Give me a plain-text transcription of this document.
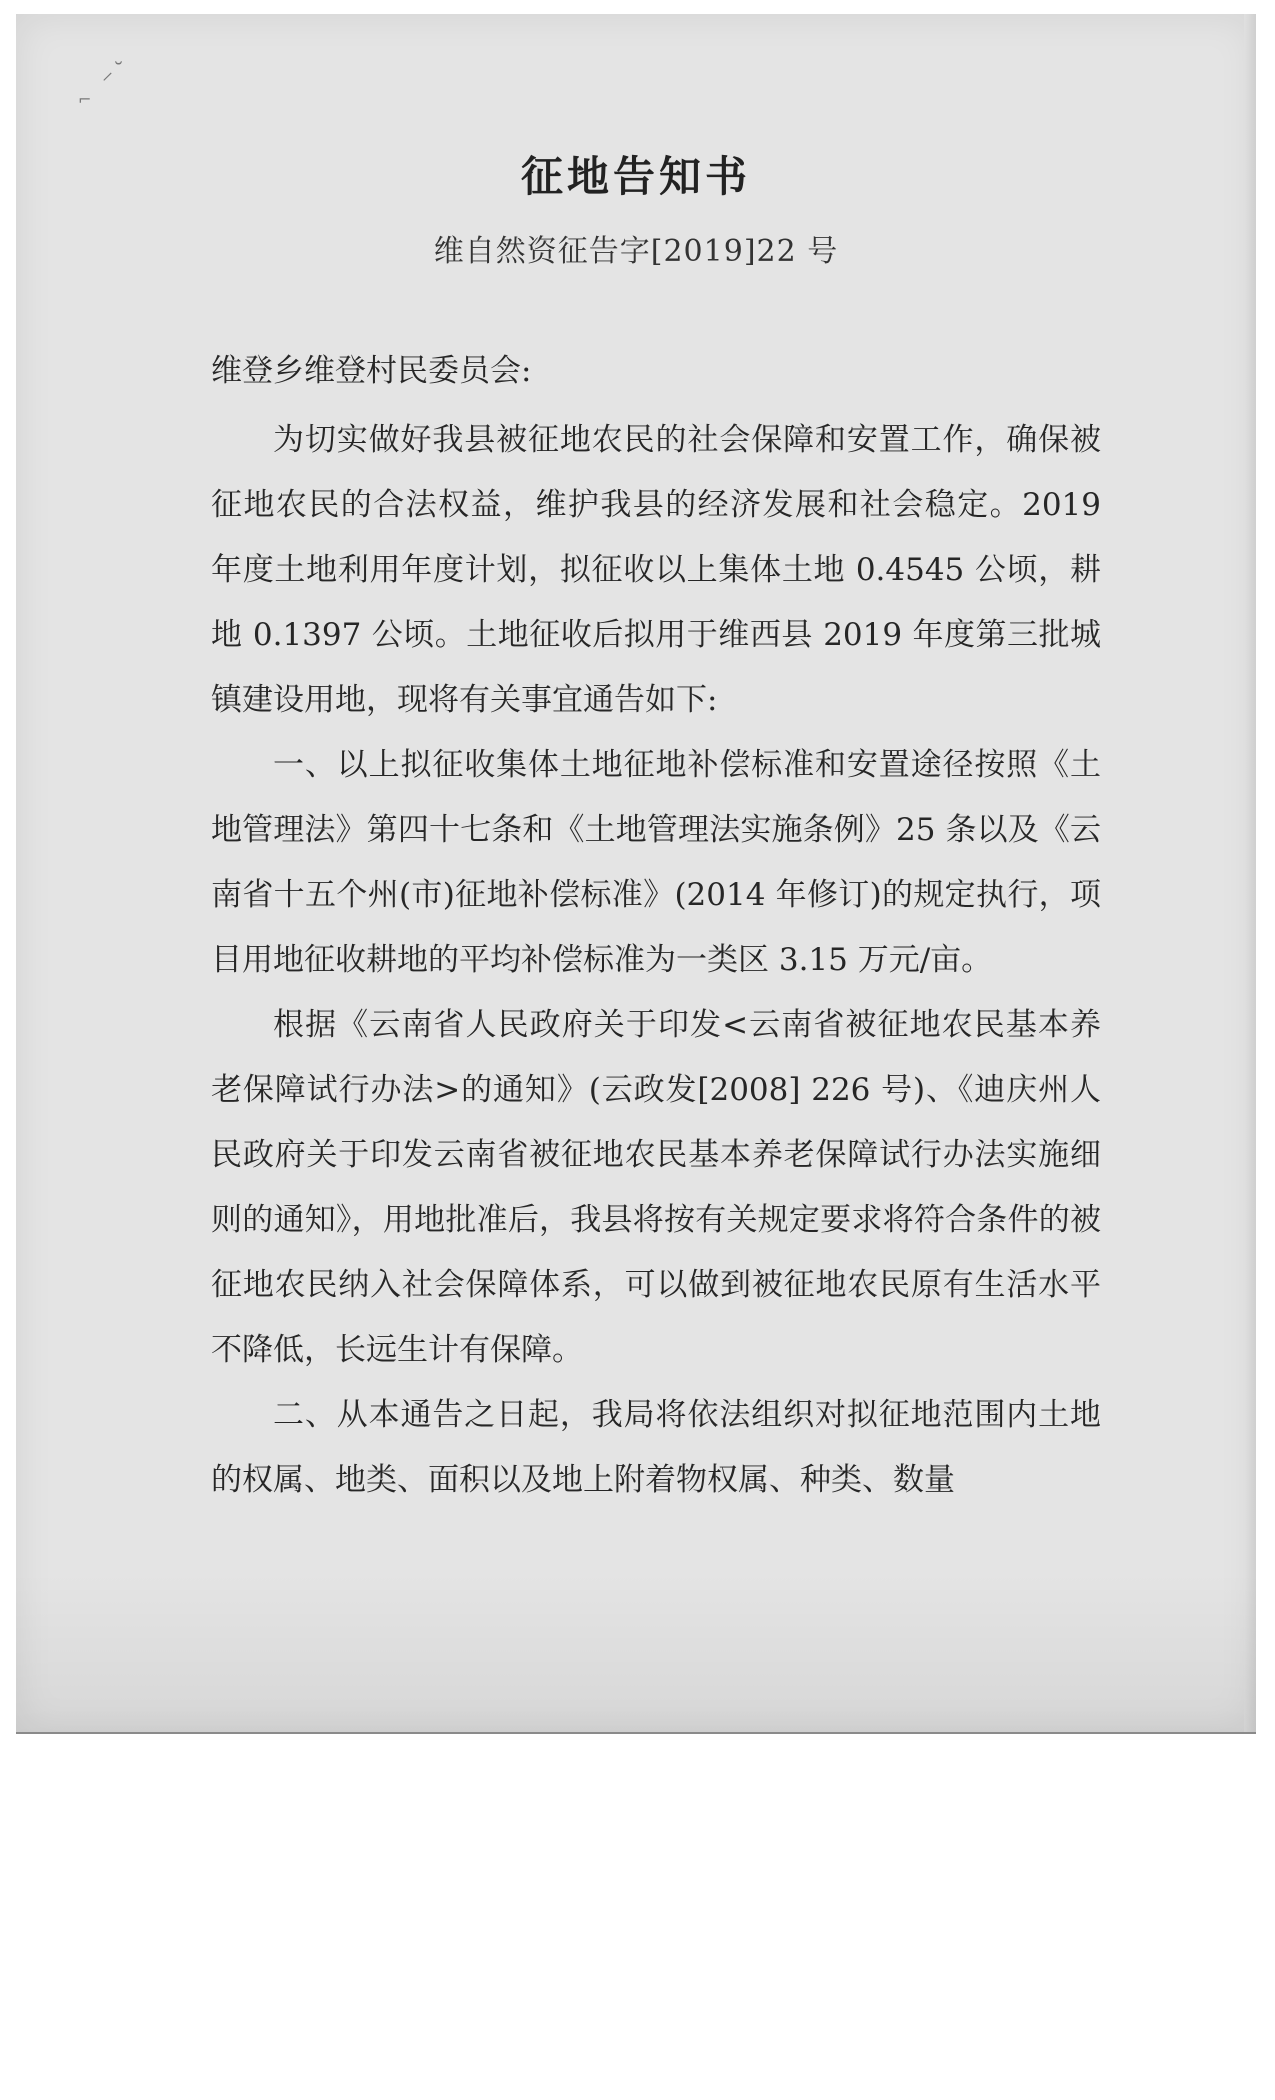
⸝˘
⌐
征地告知书
维自然资征告字[2019]22 号

维登乡维登村民委员会:

为切实做好我县被征地农民的社会保障和安置工作，确保被征地农民的合法权益，维护我县的经济发展和社会稳定。2019 年度土地利用年度计划，拟征收以上集体土地 0.4545 公顷，耕地 0.1397 公顷。土地征收后拟用于维西县 2019 年度第三批城镇建设用地，现将有关事宜通告如下:

一、以上拟征收集体土地征地补偿标准和安置途径按照《土地管理法》第四十七条和《土地管理法实施条例》25 条以及《云南省十五个州(市)征地补偿标准》(2014 年修订)的规定执行，项目用地征收耕地的平均补偿标准为一类区 3.15 万元/亩。

根据《云南省人民政府关于印发<云南省被征地农民基本养老保障试行办法>的通知》(云政发[2008] 226 号)、《迪庆州人民政府关于印发云南省被征地农民基本养老保障试行办法实施细则的通知》，用地批准后，我县将按有关规定要求将符合条件的被征地农民纳入社会保障体系，可以做到被征地农民原有生活水平不降低，长远生计有保障。

二、从本通告之日起，我局将依法组织对拟征地范围内土地的权属、地类、面积以及地上附着物权属、种类、数量
